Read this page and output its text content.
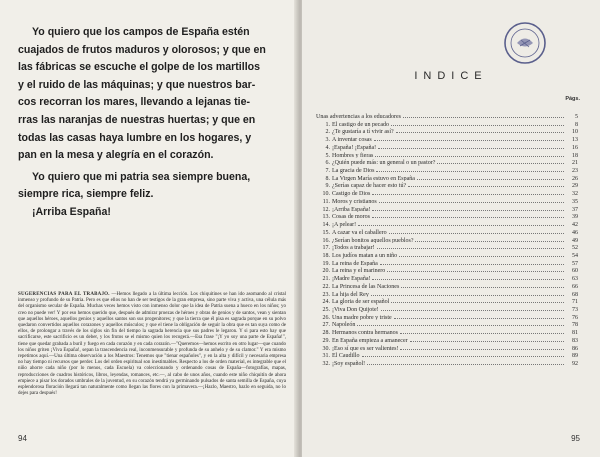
Yo quiero que los campos de España estén

cuajados de frutos maduros y olorosos; y que en

las fábricas se escuche el golpe de los martillos

y el ruido de las máquinas; y que nuestros bar-

cos recorran los mares, llevando a lejanas tie-

rras las naranjas de nuestras huertas; y que en

todas las casas haya lumbre en los hogares, y

pan en la mesa y alegría en el corazón.

Yo quiero que mi patria sea siempre buena,

siempre rica, siempre feliz.

¡Arriba España!

SUGERENCIAS PARA EL TRABAJO. —Hemos llegado a la última lección. Los chiquitines se han ido asomando al cristal inmenso y profundo de su Patria. Pero es que ellos no han de ser testigos de la gran empresa, sino parte viva y activa, una célula más del organismo secular de España. Muchas veces hemos visto con inmenso dolor que la idea de Patria suena a hueco en los niños; yo creo no puede ver! Y por eso hemos querido que, después de admirar proezas de héroes y obras de genios y de santos, vean y sientan que aquellos héroes, aquellos genios y aquellos santos son sus progenitores; y que la tierra que él pisa es sagrada porque en su polvo quedaron convertidos aquellos corazones y aquellos músculos; y que el tiene la obligación de seguir la obra que es tan suya como de ellos, de prolongar a través de los siglos sin fin del tiempo la sagrada herencia que sus padres le legaron. Y si para esto hay que sacrificarse, este sacrificio es un deber, y los frutos se el mismo quien los recogerá.—Esa frase "¡Y yo soy una parte de España!", tiene que quedar grabada a buril y fuego en cada corazón y en cada corazón.—"Queremos—hemos escrito en otro lugar—que cuando los niños griten ¡Viva España!, sepan la trascendencia real, inconmensurable y profunda de su anhelo y de su clamor." Y era mismo repetimos aquí.—Una última observación a los Maestros: Tenemos que "tienar españoles", y en la alta y difícil y necesaria empresa no hay tiempo ni recursos que perder. Los del orden espiritual son inestimables. Respecto a los de orden material, es integrable que el niño ahorre cada niño (por lo menos, cada Escuela) va coleccionando y ordenando cosas de España—fotografías, mapas, reproducciones de cuadros históricos, libros, leyendas, romances, etc.—, al cabo de unos años, cuando este niño chiquitín de ahora empiece a pisar los dorados umbrales de la juventud, en su corazón tendrá ya germinando pulsados de santa semilla de España, cuya esplendorosa floración llegará tan naturalmente como llegan las flores con la primavera.—¡Hazlo, Maestro, hazlo en seguida, no lo dejes para después!
94
INDICE
Págs.
Unas advertencias a los educadores	5
1. El castigo de un pecado	8
2. ¿Te gustaría a tí vivir así?	10
3. A inventar cosas	13
4. ¡España! ¡España!	16
5. Hombres y fieras	18
6. ¿Quién puede más: un general o un pastor?	21
7. La gracia de Dios	23
8. La Virgen María estuvo en España	26
9. ¿Serías capaz de hacer esto tú?	29
10. Castigo de Dios	32
11. Moros y cristianos	35
12. ¡Arriba España!	37
13. Cosas de moros	39
14. ¡A pelear!	42
15. A cazar va el caballero	46
16. ¿Serían bonitos aquellos pueblos?	49
17. ¡Todos a trabajar!	52
18. Los judíos matan a un niño	54
19. La reina de España	57
20. La reina y el marinero	60
21. ¡Madre España!	63
22. La Princesa de las Naciones	66
23. La hija del Rey	68
24. La gloria de ser español	71
25. ¡Viva Don Quijote!	73
26. Una madre pobre y triste	76
27. Napoleón	78
28. Hermanos contra hermanos	81
29. En España empieza a amanecer	83
30. ¡Eso sí que es ser valientes!	86
31. El Caudillo	89
32. ¡Soy español!	92
95
